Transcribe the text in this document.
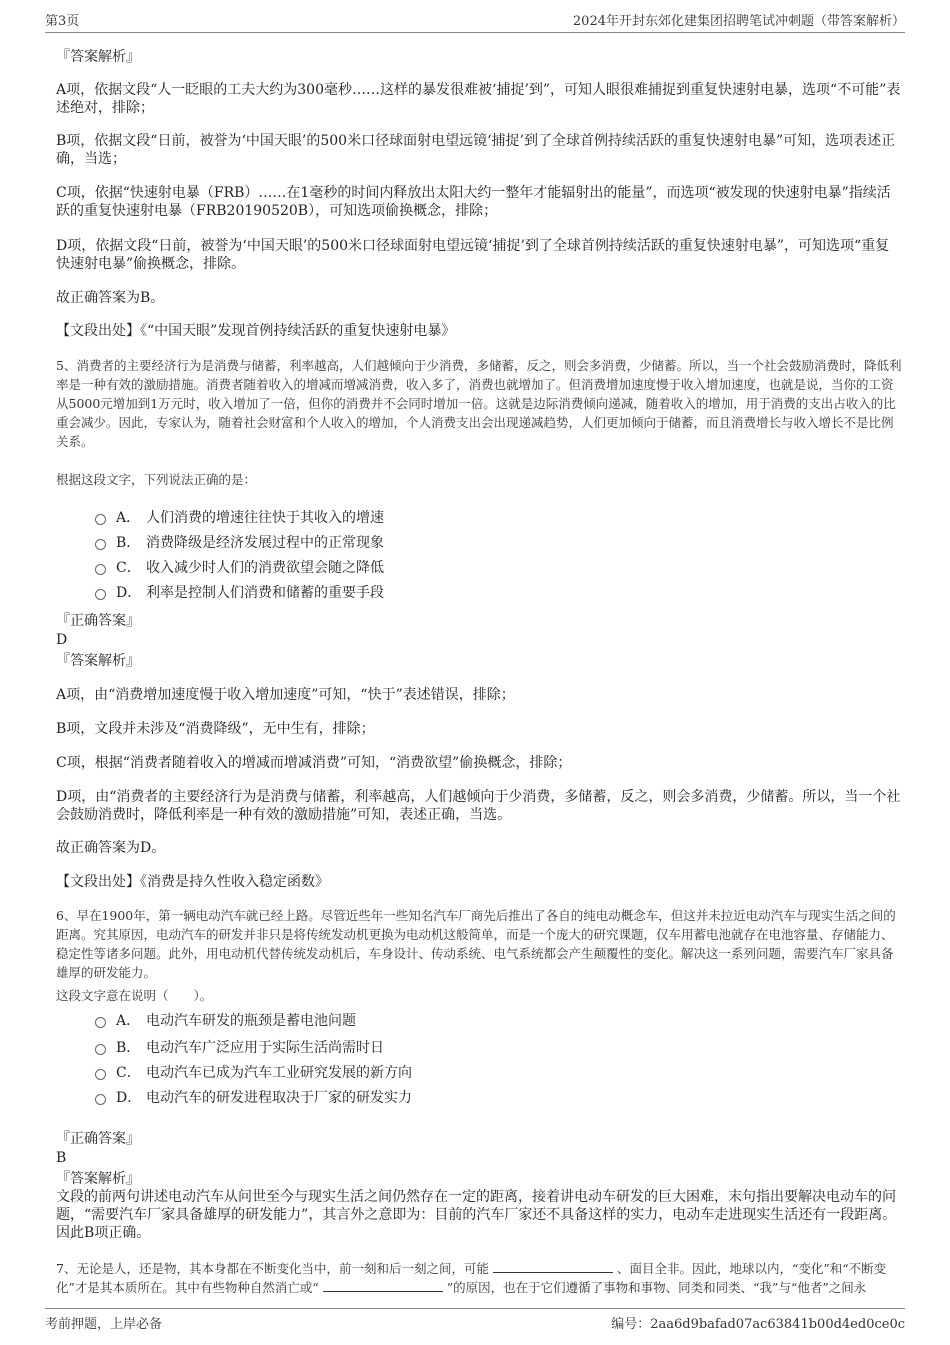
第3页	2024年开封东郊化建集团招聘笔试冲刺题（带答案解析）

『答案解析』

A项，依据文段“人一眨眼的工夫大约为300毫秒……这样的暴发很难被‘捕捉’到”，可知人眼很难捕捉到重复快速射电暴，选项“不可能”表述绝对，排除；

B项，依据文段“日前，被誉为‘中国天眼’的500米口径球面射电望远镜‘捕捉’到了全球首例持续活跃的重复快速射电暴”可知，选项表述正确，当选；

C项，依据“快速射电暴（FRB）……在1毫秒的时间内释放出太阳大约一整年才能辐射出的能量”，而选项“被发现的快速射电暴”指续活跃的重复快速射电暴（FRB20190520B），可知选项偷换概念，排除；

D项，依据文段“日前，被誉为‘中国天眼’的500米口径球面射电望远镜‘捕捉’到了全球首例持续活跃的重复快速射电暴”，可知选项“重复快速射电暴”偷换概念，排除。

故正确答案为B。

【文段出处】《“中国天眼”发现首例持续活跃的重复快速射电暴》

5、消费者的主要经济行为是消费与储蓄，利率越高，人们越倾向于少消费，多储蓄，反之，则会多消费，少储蓄。所以，当一个社会鼓励消费时，降低利率是一种有效的激励措施。消费者随着收入的增减而增减消费，收入多了，消费也就增加了。但消费增加速度慢于收入增加速度，也就是说，当你的工资从5000元增加到1万元时，收入增加了一倍，但你的消费并不会同时增加一倍。这就是边际消费倾向递减，随着收入的增加，用于消费的支出占收入的比重会减少。因此，专家认为，随着社会财富和个人收入的增加，个人消费支出会出现递减趋势，人们更加倾向于储蓄，而且消费增长与收入增长不是比例关系。

根据这段文字，下列说法正确的是：

A． 人们消费的增速往往快于其收入的增速
B． 消费降级是经济发展过程中的正常现象
C． 收入减少时人们的消费欲望会随之降低
D． 利率是控制人们消费和储蓄的重要手段

『正确答案』

D

『答案解析』

A项，由“消费增加速度慢于收入增加速度”可知，“快于”表述错误，排除；

B项，文段并未涉及“消费降级”，无中生有，排除；

C项，根据“消费者随着收入的增减而增减消费”可知，“消费欲望”偷换概念，排除；

D项，由“消费者的主要经济行为是消费与储蓄，利率越高，人们越倾向于少消费，多储蓄，反之，则会多消费，少储蓄。所以，当一个社会鼓励消费时，降低利率是一种有效的激励措施”可知，表述正确，当选。

故正确答案为D。

【文段出处】《消费是持久性收入稳定函数》

6、早在1900年，第一辆电动汽车就已经上路。尽管近些年一些知名汽车厂商先后推出了各自的纯电动概念车，但这并未拉近电动汽车与现实生活之间的距离。究其原因，电动汽车的研发并非只是将传统发动机更换为电动机这般简单，而是一个庞大的研究课题，仅车用蓄电池就存在电池容量、存储能力、稳定性等诸多问题。此外，用电动机代替传统发动机后，车身设计、传动系统、电气系统都会产生颠覆性的变化。解决这一系列问题，需要汽车厂家具备雄厚的研发能力。

这段文字意在说明（　　）。

A． 电动汽车研发的瓶颈是蓄电池问题
B． 电动汽车广泛应用于实际生活尚需时日
C． 电动汽车已成为汽车工业研究发展的新方向
D． 电动汽车的研发进程取决于厂家的研发实力

『正确答案』

B

『答案解析』

文段的前两句讲述电动汽车从问世至今与现实生活之间仍然存在一定的距离，接着讲电动车研发的巨大困难，末句指出要解决电动车的问题，“需要汽车厂家具备雄厚的研发能力”，其言外之意即为：目前的汽车厂家还不具备这样的实力，电动车走进现实生活还有一段距离。因此B项正确。

7、无论是人，还是物，其本身都在不断变化当中，前一刻和后一刻之间，可能	、面目全非。因此，地球以内，“变化”和“不断变化”才是其本质所在。其中有些物种自然消亡或“	”的原因，也在于它们遵循了事物和事物、同类和同类、“我”与“他者”之间永

考前押题，上岸必备	编号：2aa6d9bafad07ac63841b00d4ed0ce0c
